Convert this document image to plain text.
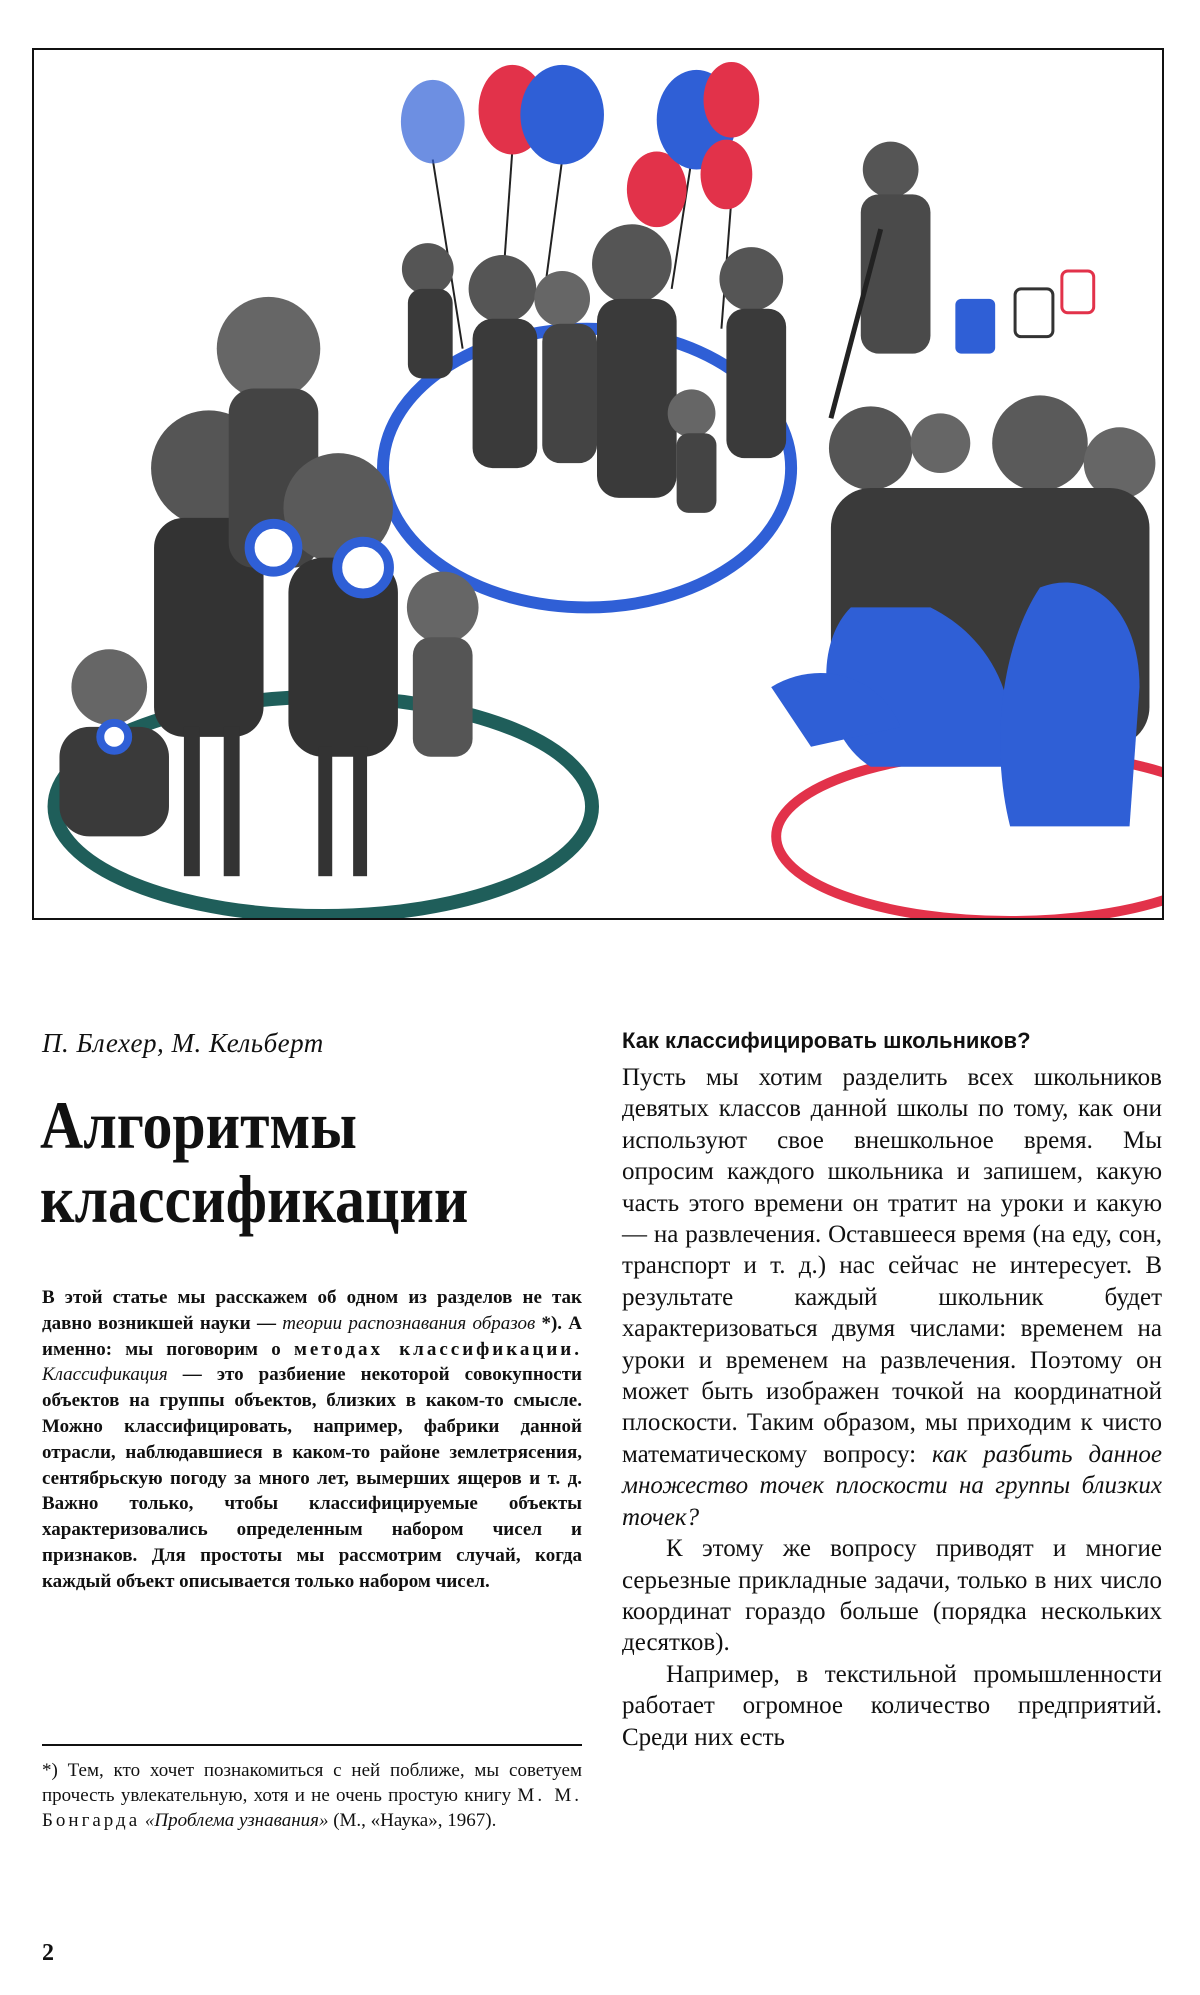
П. Блехер, М. Кельберт
Алгоритмы
классификации
В этой статье мы расскажем об одном из разделов не так давно возникшей науки — теории распознавания образов *). А именно: мы поговорим о методах классификации. Классификация — это разбиение некоторой совокупности объектов на группы объектов, близких в каком-то смысле. Можно классифицировать, например, фабрики данной отрасли, наблюдавшиеся в каком-то районе землетрясения, сентябрьскую погоду за много лет, вымерших ящеров и т. д. Важно только, чтобы классифицируемые объекты характеризовались определенным набором чисел и признаков. Для простоты мы рассмотрим случай, когда каждый объект описывается только набором чисел.
*) Тем, кто хочет познакомиться с ней поближе, мы советуем прочесть увлекательную, хотя и не очень простую книгу М. М. Бонгарда «Проблема узнавания» (М., «Наука», 1967).
2
Как классифицировать школьников?

Пусть мы хотим разделить всех школьников девятых классов данной школы по тому, как они используют свое внешкольное время. Мы опросим каждого школьника и запишем, какую часть этого времени он тратит на уроки и какую — на развлечения. Оставшееся время (на еду, сон, транспорт и т. д.) нас сейчас не интересует. В результате каждый школьник будет характеризоваться двумя числами: временем на уроки и временем на развлечения. Поэтому он может быть изображен точкой на координатной плоскости. Таким образом, мы приходим к чисто математическому вопросу: как разбить данное множество точек плоскости на группы близких точек?

К этому же вопросу приводят и многие серьезные прикладные задачи, только в них число координат гораздо больше (порядка нескольких десятков).

Например, в текстильной промышленности работает огромное количество предприятий. Среди них есть
